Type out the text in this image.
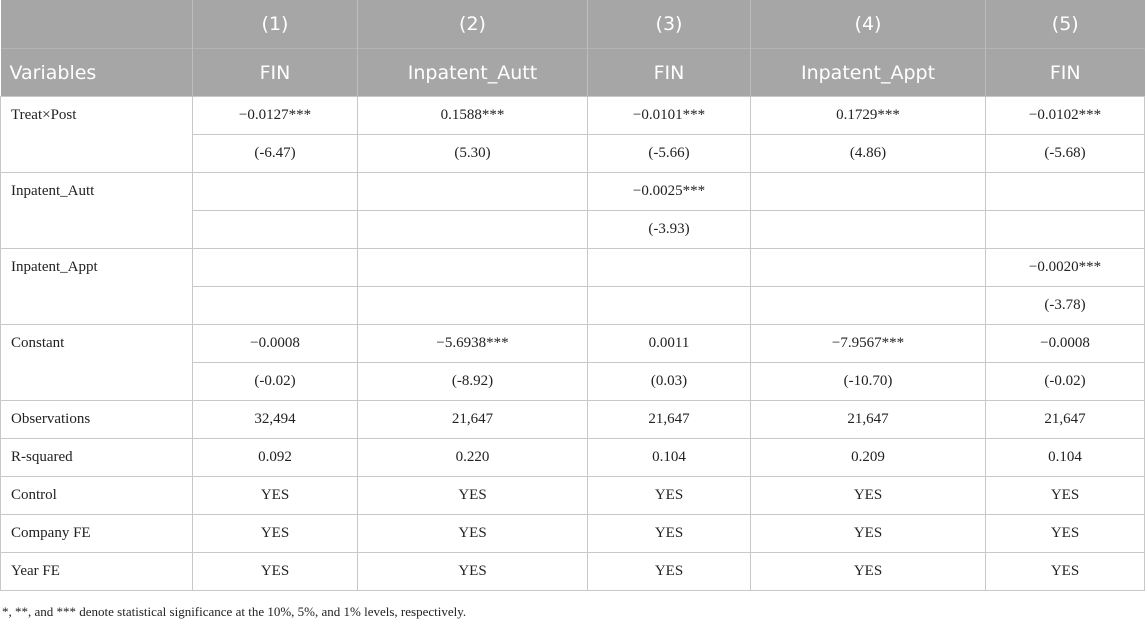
	(1)	(2)	(3)	(4)	(5)
Variables	FIN	Inpatent_Autt	FIN	Inpatent_Appt	FIN
Treat×Post	−0.0127***	0.1588***	−0.0101***	0.1729***	−0.0102***
	(-6.47)	(5.30)	(-5.66)	(4.86)	(-5.68)
Inpatent_Autt			−0.0025***		
			(-3.93)		
Inpatent_Appt					−0.0020***
					(-3.78)
Constant	−0.0008	−5.6938***	0.0011	−7.9567***	−0.0008
	(-0.02)	(-8.92)	(0.03)	(-10.70)	(-0.02)
Observations	32,494	21,647	21,647	21,647	21,647
R-squared	0.092	0.220	0.104	0.209	0.104
Control	YES	YES	YES	YES	YES
Company FE	YES	YES	YES	YES	YES
Year FE	YES	YES	YES	YES	YES
*, **, and *** denote statistical significance at the 10%, 5%, and 1% levels, respectively.
